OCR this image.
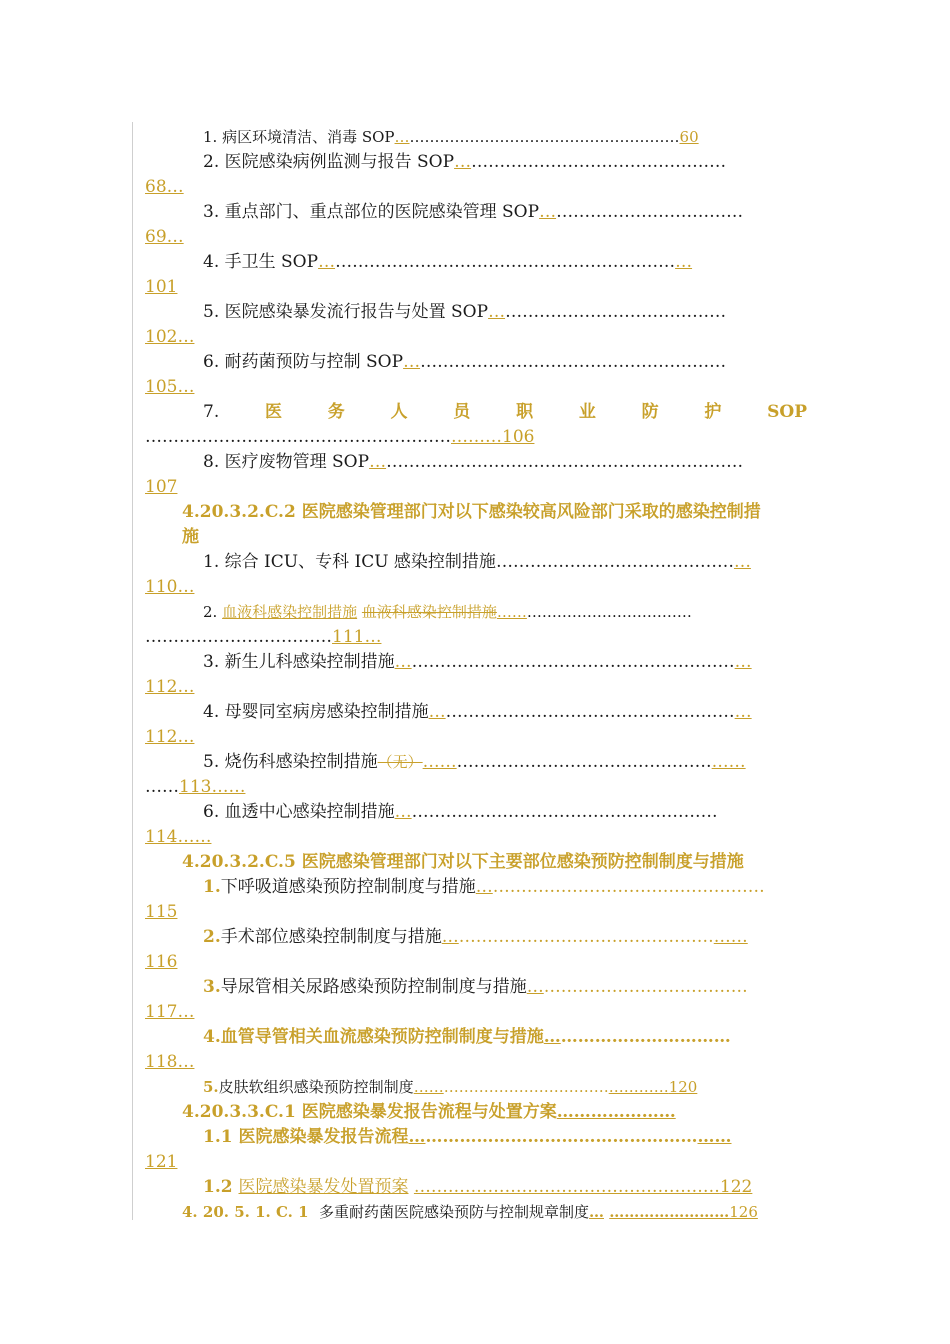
1. 病区环境清洁、消毒 SOP…………………………………………………60
2. 医院感染病例监测与报告 SOP…………………………………………
68…
3. 重点部门、重点部位的医院感染管理 SOP………………………………
69…
4. 手卫生 SOP…………………………………………………………
101
5. 医院感染暴发流行报告与处置 SOP……………………………………
102…
6. 耐药菌预防与控制 SOP…………………………………………………
105…
7.	医	务	人	员	职	业	防	护	SOP
………………………………………………………106
8. 医疗废物管理 SOP…………………………………………………………
107
4.20.3.2.C.2 医院感染管理部门对以下感染较高风险部门采取的感染控制措
施
1. 综合 ICU、专科 ICU 感染控制措施………………………………………
110…
2. 血液科感染控制措施 血液科感染控制措施…………………………………
……………………………111…
3. 新生儿科感染控制措施………………………………………………………
112…
4. 母婴同室病房感染控制措施…………………………………………………
112…
5. 烧伤科感染控制措施（无）…………………………………………………
……113……
6. 血透中心感染控制措施…………………………………………………
114……
4.20.3.2.C.5 医院感染管理部门对以下主要部位感染预防控制制度与措施
1.下呼吸道感染预防控制制度与措施……………………………………………
115
2.手术部位感染控制制度与措施………………………………………………
116
3.导尿管相关尿路感染预防控制制度与措施…………………………………
117…
4.血管导管相关血流感染预防控制制度与措施……………………………
118…
5.皮肤软组织感染预防控制制度……………………………………………120
4.20.3.3.C.1 医院感染暴发报告流程与处置方案…………………
1.1 医院感染暴发报告流程…………………………………………………
121
1.2 医院感染暴发处置预案 ………………………………………………122
4. 20. 5. 1. C. 1 多重耐药菌医院感染预防与控制规章制度… ……………………126
